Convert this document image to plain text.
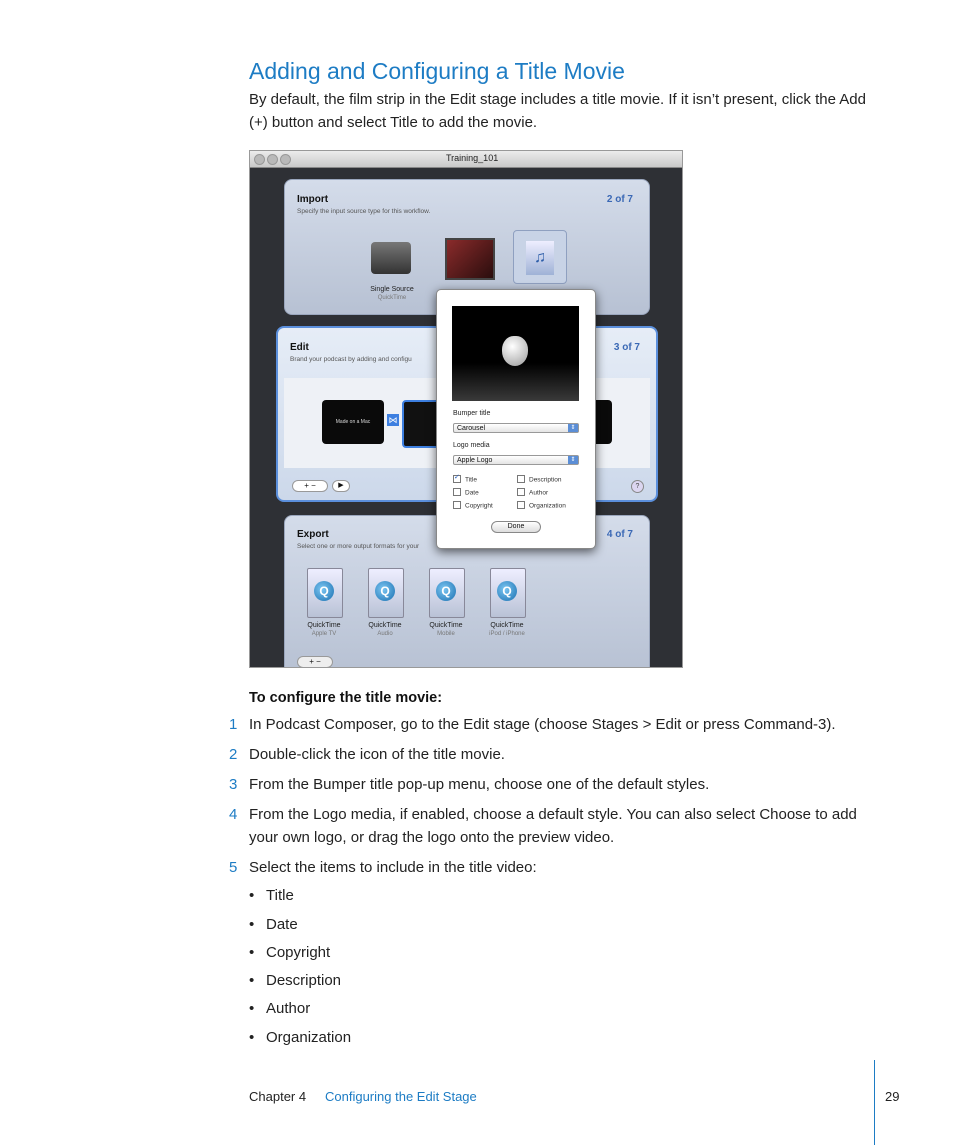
Adding and Configuring a Title Movie
By default, the film strip in the Edit stage includes a title movie. If it isn’t present, click the Add (+) button and select Title to add the movie.
Training_101
Import
Specify the input source type for this workflow.
2 of 7
Single Source
QuickTime
♫
Edit
Brand your podcast by adding and configu
3 of 7
Made on a Mac	⋈
+ −	▶	?
Export
Select one or more output formats for your
4 of 7
Q
QuickTime
Apple TV
Q
QuickTime
Audio
Q
QuickTime
Mobile
Q
QuickTime
iPod / iPhone
+ −
Bumper title
Carousel	⇕
Logo media
Apple Logo	⇕
✓Title	Description
Date	Author
Copyright	Organization
Done
To configure the title movie:
1 In Podcast Composer, go to the Edit stage (choose Stages > Edit or press Command-3).
2 Double-click the icon of the title movie.
3 From the Bumper title pop-up menu, choose one of the default styles.
4 From the Logo media, if enabled, choose a default style. You can also select Choose to add your own logo, or drag the logo onto the preview video.
5 Select the items to include in the title video:
• Title
• Date
• Copyright
• Description
• Author
• Organization
Chapter 4 Configuring the Edit Stage	29
